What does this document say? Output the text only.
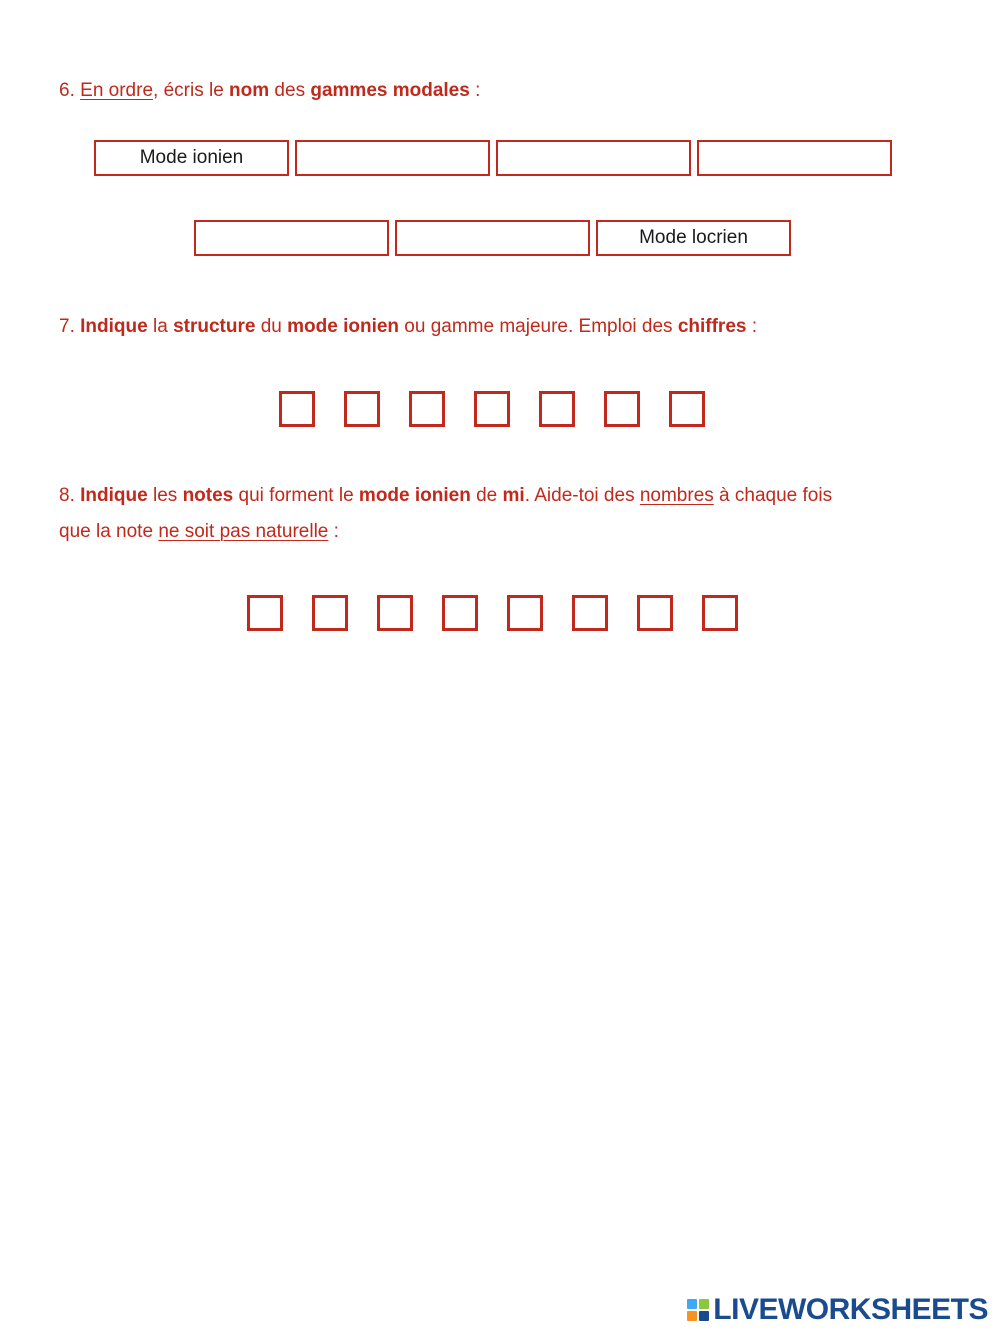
6. En ordre, écris le nom des gammes modales :
Mode ionien
Mode locrien
7. Indique la structure du mode ionien ou gamme majeure. Emploi des chiffres :
8. Indique les notes qui forment le mode ionien de mi. Aide-toi des nombres à chaque fois
que la note ne soit pas naturelle :
LIVEWORKSHEETS
